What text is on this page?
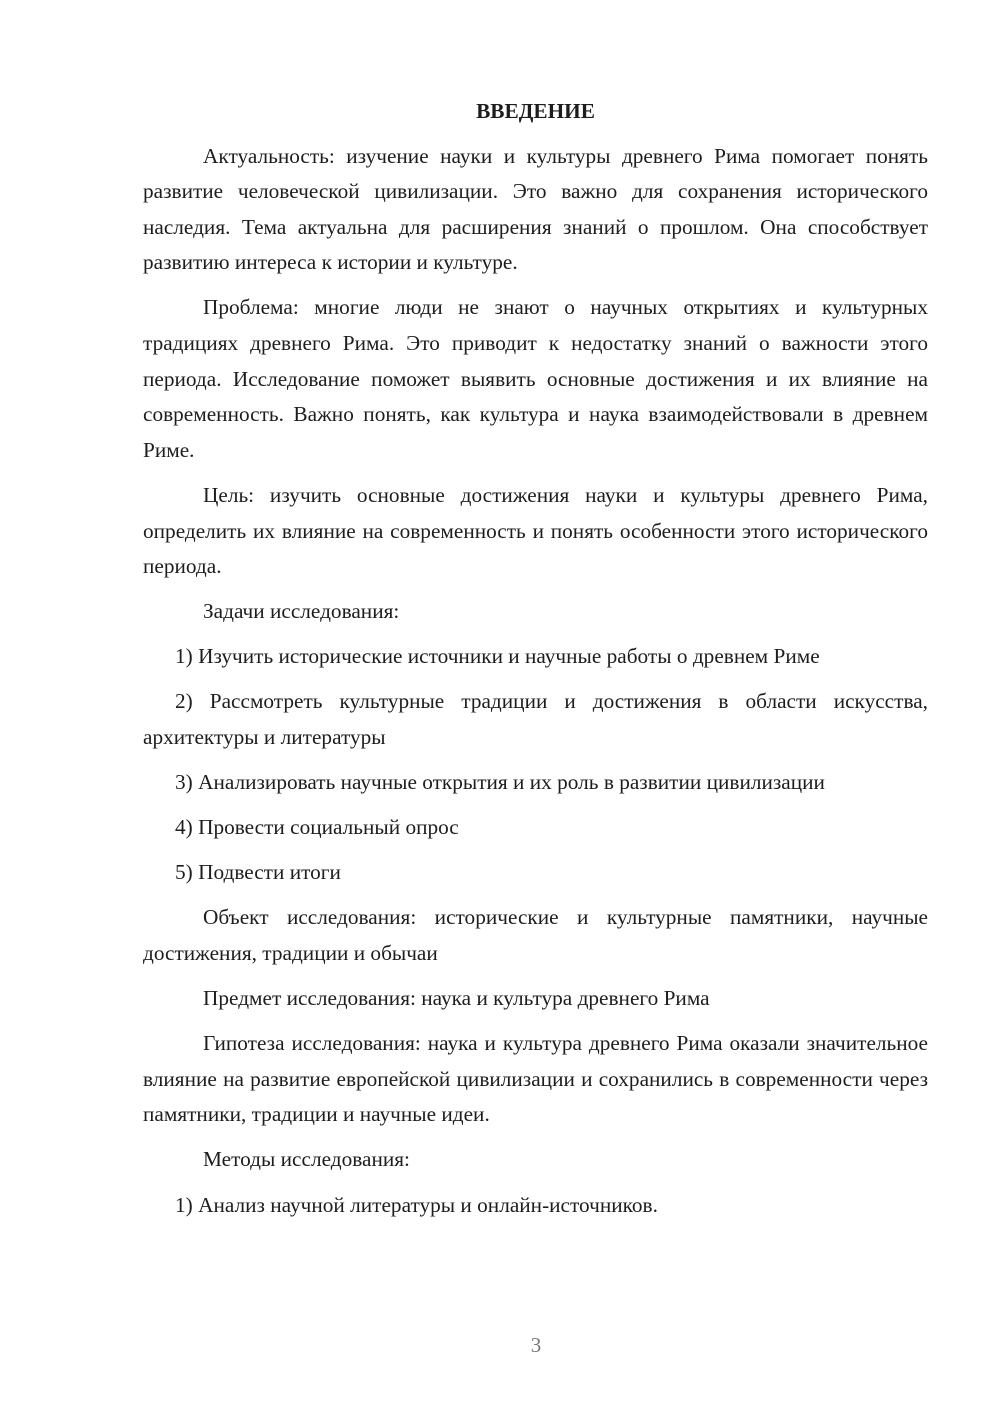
ВВЕДЕНИЕ

Актуальность: изучение науки и культуры древнего Рима помогает понять развитие человеческой цивилизации. Это важно для сохранения исторического наследия. Тема актуальна для расширения знаний о прошлом. Она способствует развитию интереса к истории и культуре.

Проблема: многие люди не знают о научных открытиях и культурных традициях древнего Рима. Это приводит к недостатку знаний о важности этого периода. Исследование поможет выявить основные достижения и их влияние на современность. Важно понять, как культура и наука взаимодействовали в древнем Риме.

Цель: изучить основные достижения науки и культуры древнего Рима, определить их влияние на современность и понять особенности этого исторического периода.

Задачи исследования:

1) Изучить исторические источники и научные работы о древнем Риме

2) Рассмотреть культурные традиции и достижения в области искусства, архитектуры и литературы

3) Анализировать научные открытия и их роль в развитии цивилизации

4) Провести социальный опрос

5) Подвести итоги

Объект исследования: исторические и культурные памятники, научные достижения, традиции и обычаи

Предмет исследования: наука и культура древнего Рима

Гипотеза исследования: наука и культура древнего Рима оказали значительное влияние на развитие европейской цивилизации и сохранились в современности через памятники, традиции и научные идеи.

Методы исследования:

1) Анализ научной литературы и онлайн-источников.

3
